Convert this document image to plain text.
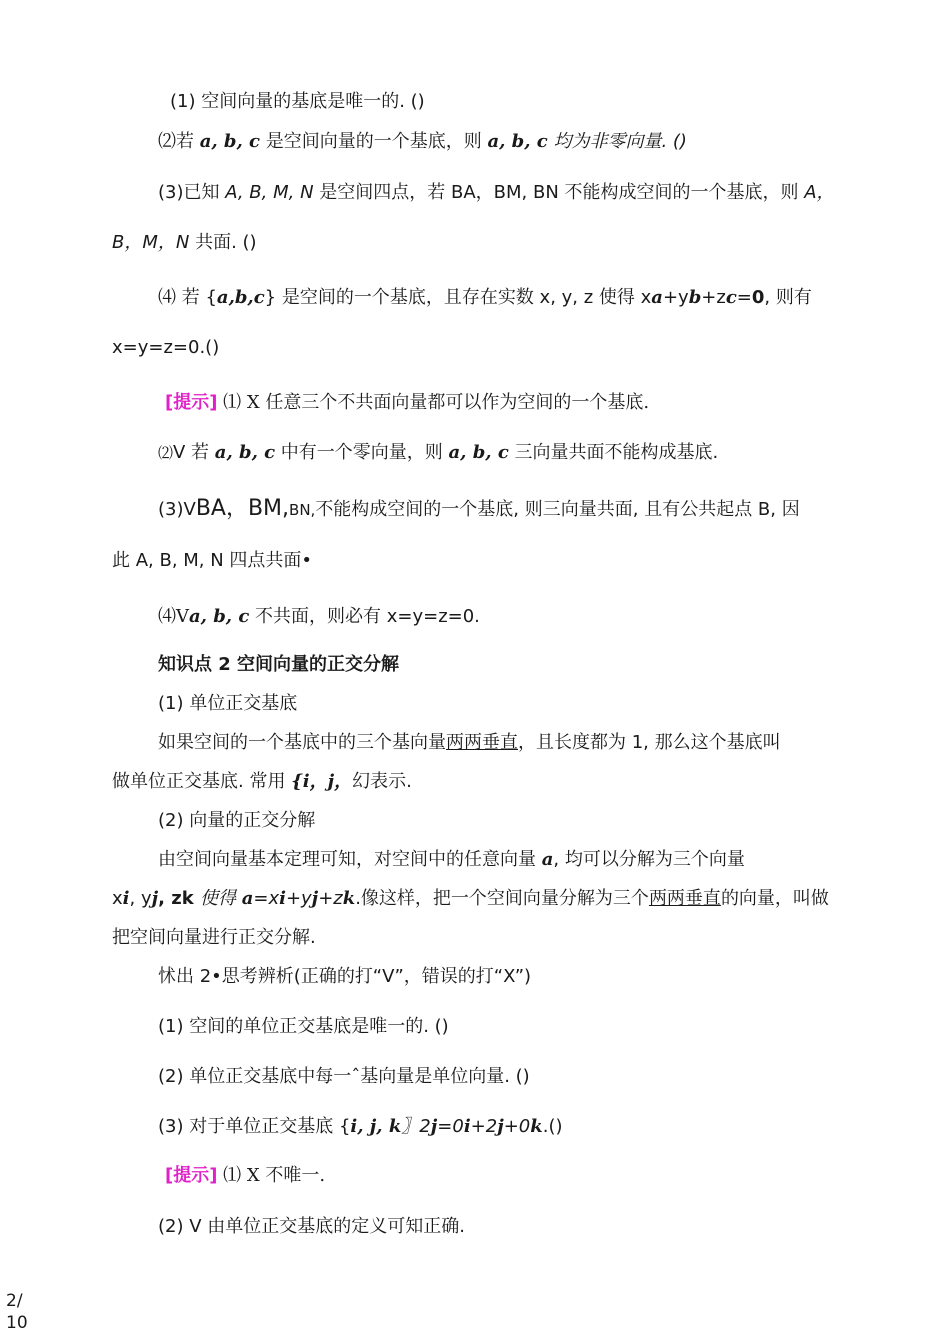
(1) 空间向量的基底是唯一的. ()
⑵若 a, b, c 是空间向量的一个基底，则 a, b, c 均为非零向量. ()
(3)已知 A, B, M, N 是空间四点，若 BA，BM, BN 不能构成空间的一个基底，则 A，
B，M，N 共面. ()
⑷ 若 {a,b,c} 是空间的一个基底，且存在实数 x, y, z 使得 xa+yb+zc=0, 则有
x=y=z=0.()
[提示] ⑴ X 任意三个不共面向量都可以作为空间的一个基底.
⑵V 若 a, b, c 中有一个零向量，则 a, b, c 三向量共面不能构成基底.
(3)VBA，BM,BN,不能构成空间的一个基底, 则三向量共面, 且有公共起点 B, 因
此 A, B, M, N 四点共面•
⑷Va, b, c 不共面，则必有 x=y=z=0.
知识点 2 空间向量的正交分解
(1) 单位正交基底
如果空间的一个基底中的三个基向量两两垂直，且长度都为 1, 那么这个基底叫
做单位正交基底. 常用 {i，j，幻表示.
(2) 向量的正交分解
由空间向量基本定理可知，对空间中的任意向量 a, 均可以分解为三个向量
xi, yj, zk 使得 a=xi+yj+zk.像这样，把一个空间向量分解为三个两两垂直的向量，叫做
把空间向量进行正交分解.
怵出 2•思考辨析(正确的打“V”，错误的打“X”)
(1) 空间的单位正交基底是唯一的. ()
(2) 单位正交基底中每一ˆ基向量是单位向量. ()
(3) 对于单位正交基底 {i, j, k〗2j=0i+2j+0k.()
[提示] ⑴ X 不唯一.
(2) V 由单位正交基底的定义可知正确.
2/
10
